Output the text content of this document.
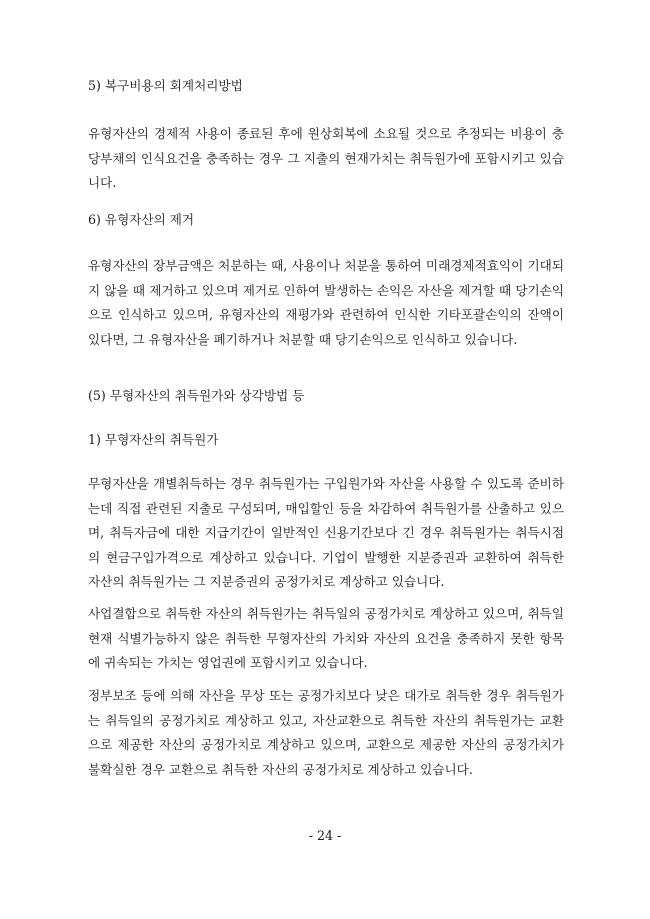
5) 복구비용의 회계처리방법
유형자산의 경제적 사용이 종료된 후에 원상회복에 소요될 것으로 추정되는 비용이 충당부채의 인식요건을 충족하는 경우 그 지출의 현재가치는 취득원가에 포함시키고 있습니다.
6) 유형자산의 제거
유형자산의 장부금액은 처분하는 때, 사용이나 처분을 통하여 미래경제적효익이 기대되지 않을 때 제거하고 있으며 제거로 인하여 발생하는 손익은 자산을 제거할 때 당기손익으로 인식하고 있으며, 유형자산의 재평가와 관련하여 인식한 기타포괄손익의 잔액이 있다면, 그 유형자산을 폐기하거나 처분할 때 당기손익으로 인식하고 있습니다.
(5) 무형자산의 취득원가와 상각방법 등
1) 무형자산의 취득원가
무형자산을 개별취득하는 경우 취득원가는 구입원가와 자산을 사용할 수 있도록 준비하는데 직접 관련된 지출로 구성되며, 매입할인 등을 차감하여 취득원가를 산출하고 있으며, 취득자금에 대한 지급기간이 일반적인 신용기간보다 긴 경우 취득원가는 취득시점의 현금구입가격으로 계상하고 있습니다. 기업이 발행한 지분증권과 교환하여 취득한 자산의 취득원가는 그 지분증권의 공정가치로 계상하고 있습니다.
사업결합으로 취득한 자산의 취득원가는 취득일의 공정가치로 계상하고 있으며, 취득일 현재 식별가능하지 않은 취득한 무형자산의 가치와 자산의 요건을 충족하지 못한 항목에 귀속되는 가치는 영업권에 포함시키고 있습니다.
정부보조 등에 의해 자산을 무상 또는 공정가치보다 낮은 대가로 취득한 경우 취득원가는 취득일의 공정가치로 계상하고 있고, 자산교환으로 취득한 자산의 취득원가는 교환으로 제공한 자산의 공정가치로 계상하고 있으며, 교환으로 제공한 자산의 공정가치가 불확실한 경우 교환으로 취득한 자산의 공정가치로 계상하고 있습니다.
- 24 -
